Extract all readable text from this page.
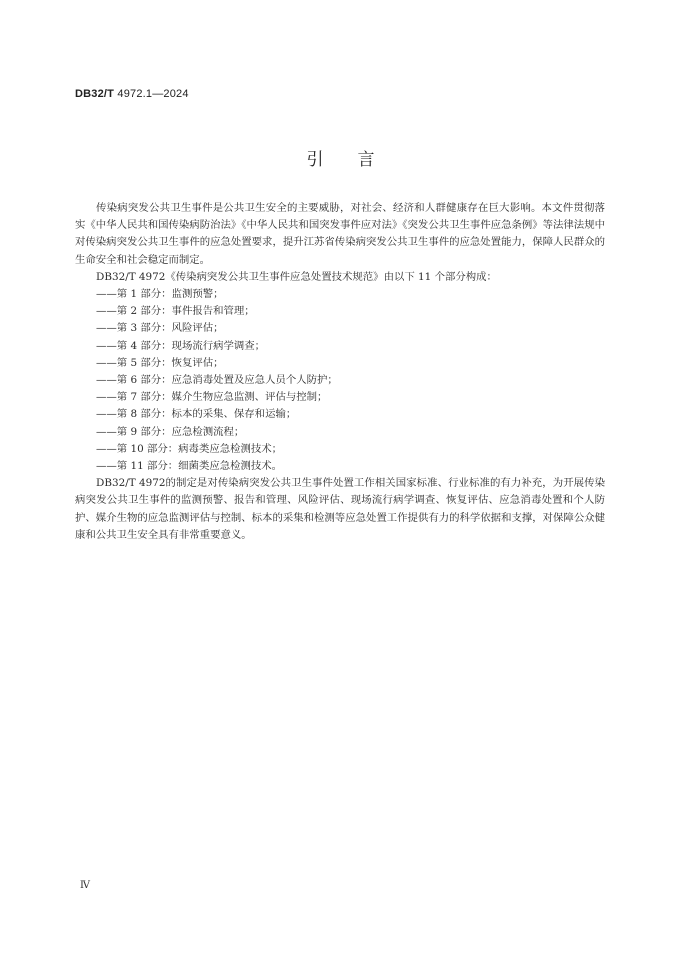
DB32/T 4972.1—2024
引言

传染病突发公共卫生事件是公共卫生安全的主要威胁，对社会、经济和人群健康存在巨大影响。本文件贯彻落实《中华人民共和国传染病防治法》《中华人民共和国突发事件应对法》《突发公共卫生事件应急条例》等法律法规中对传染病突发公共卫生事件的应急处置要求，提升江苏省传染病突发公共卫生事件的应急处置能力，保障人民群众的生命安全和社会稳定而制定。

DB32/T 4972《传染病突发公共卫生事件应急处置技术规范》由以下 11 个部分构成：

——第 1 部分：监测预警；
——第 2 部分：事件报告和管理；
——第 3 部分：风险评估；
——第 4 部分：现场流行病学调查；
——第 5 部分：恢复评估；
——第 6 部分：应急消毒处置及应急人员个人防护；
——第 7 部分：媒介生物应急监测、评估与控制；
——第 8 部分：标本的采集、保存和运输；
——第 9 部分：应急检测流程；
——第 10 部分：病毒类应急检测技术；
——第 11 部分：细菌类应急检测技术。

DB32/T 4972的制定是对传染病突发公共卫生事件处置工作相关国家标准、行业标准的有力补充，为开展传染病突发公共卫生事件的监测预警、报告和管理、风险评估、现场流行病学调查、恢复评估、应急消毒处置和个人防护、媒介生物的应急监测评估与控制、标本的采集和检测等应急处置工作提供有力的科学依据和支撑，对保障公众健康和公共卫生安全具有非常重要意义。

Ⅳ
